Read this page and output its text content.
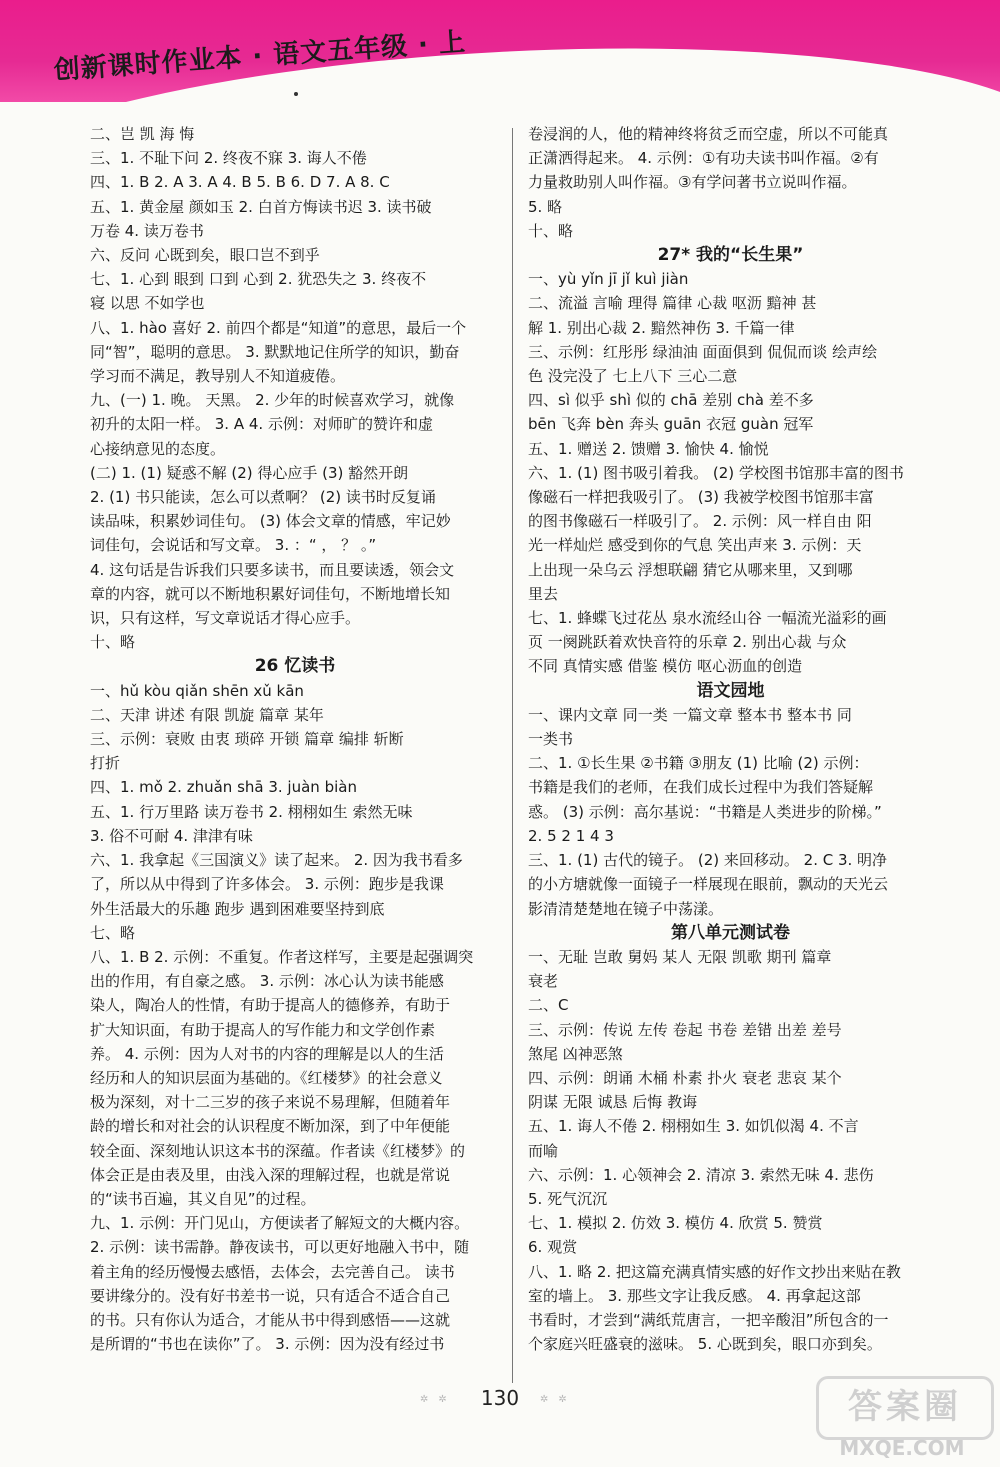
创新课时作业本 · 语文五年级 · 上
二、岂 凯 海 悔
三、1. 不耻下问 2. 终夜不寐 3. 诲人不倦
四、1. B 2. A 3. A 4. B 5. B 6. D 7. A 8. C
五、1. 黄金屋 颜如玉 2. 白首方悔读书迟 3. 读书破
万卷 4. 读万卷书
六、反问 心既到矣，眼口岂不到乎
七、1. 心到 眼到 口到 心到 2. 犹恐失之 3. 终夜不
寝 以思 不如学也
八、1. hào 喜好 2. 前四个都是“知道”的意思，最后一个
同“智”，聪明的意思。 3. 默默地记住所学的知识，勤奋
学习而不满足，教导别人不知道疲倦。
九、(一) 1. 晚。 天黑。 2. 少年的时候喜欢学习，就像
初升的太阳一样。 3. A 4. 示例：对师旷的赞许和虚
心接纳意见的态度。
(二) 1. (1) 疑惑不解 (2) 得心应手 (3) 豁然开朗
2. (1) 书只能读，怎么可以煮啊？ (2) 读书时反复诵
读品味，积累妙词佳句。 (3) 体会文章的情感，牢记妙
词佳句，会说话和写文章。 3. ：“ ， ？ 。”
4. 这句话是告诉我们只要多读书，而且要读透，领会文
章的内容，就可以不断地积累好词佳句，不断地增长知
识，只有这样，写文章说话才得心应手。
十、略
26 忆读书
一、hǔ kòu qiǎn shēn xǔ kān
二、天津 讲述 有限 凯旋 篇章 某年
三、示例：衰败 由衷 琐碎 开锁 篇章 编排 斩断
打折
四、1. mǒ 2. zhuǎn shā 3. juàn biàn
五、1. 行万里路 读万卷书 2. 栩栩如生 索然无味
3. 俗不可耐 4. 津津有味
六、1. 我拿起《三国演义》读了起来。 2. 因为我书看多
了，所以从中得到了许多体会。 3. 示例：跑步是我课
外生活最大的乐趣 跑步 遇到困难要坚持到底
七、略
八、1. B 2. 示例：不重复。作者这样写，主要是起强调突
出的作用，有自豪之感。 3. 示例：冰心认为读书能感
染人，陶冶人的性情，有助于提高人的德修养，有助于
扩大知识面，有助于提高人的写作能力和文学创作素
养。 4. 示例：因为人对书的内容的理解是以人的生活
经历和人的知识层面为基础的。《红楼梦》的社会意义
极为深刻，对十二三岁的孩子来说不易理解，但随着年
龄的增长和对社会的认识程度不断加深，到了中年便能
较全面、深刻地认识这本书的深蕴。作者读《红楼梦》的
体会正是由表及里，由浅入深的理解过程，也就是常说
的“读书百遍，其义自见”的过程。
九、1. 示例：开门见山，方便读者了解短文的大概内容。
2. 示例：读书需静。静夜读书，可以更好地融入书中，随
着主角的经历慢慢去感悟，去体会，去完善自己。 读书
要讲缘分的。没有好书差书一说，只有适合不适合自己
的书。只有你认为适合，才能从书中得到感悟——这就
是所谓的“书也在读你”了。 3. 示例：因为没有经过书
卷浸润的人，他的精神终将贫乏而空虚，所以不可能真
正潇洒得起来。 4. 示例：①有功夫读书叫作福。②有
力量救助别人叫作福。③有学问著书立说叫作福。
5. 略
十、略
27* 我的“长生果”
一、yù yǐn jī jǐ kuì jiàn
二、流溢 言喻 理得 篇律 心裁 呕沥 黯神 甚
解 1. 别出心裁 2. 黯然神伤 3. 千篇一律
三、示例：红彤彤 绿油油 面面俱到 侃侃而谈 绘声绘
色 没完没了 七上八下 三心二意
四、sì 似乎 shì 似的 chā 差别 chà 差不多
bēn 飞奔 bèn 奔头 guān 衣冠 guàn 冠军
五、1. 赠送 2. 馈赠 3. 愉快 4. 愉悦
六、1. (1) 图书吸引着我。 (2) 学校图书馆那丰富的图书
像磁石一样把我吸引了。 (3) 我被学校图书馆那丰富
的图书像磁石一样吸引了。 2. 示例：风一样自由 阳
光一样灿烂 感受到你的气息 笑出声来 3. 示例：天
上出现一朵乌云 浮想联翩 猜它从哪来里，又到哪
里去
七、1. 蜂蝶飞过花丛 泉水流经山谷 一幅流光溢彩的画
页 一阕跳跃着欢快音符的乐章 2. 别出心裁 与众
不同 真情实感 借鉴 模仿 呕心沥血的创造
语文园地
一、课内文章 同一类 一篇文章 整本书 整本书 同
一类书
二、1. ①长生果 ②书籍 ③朋友 (1) 比喻 (2) 示例：
书籍是我们的老师，在我们成长过程中为我们答疑解
惑。 (3) 示例：高尔基说：“书籍是人类进步的阶梯。”
2. 5 2 1 4 3
三、1. (1) 古代的镜子。 (2) 来回移动。 2. C 3. 明净
的小方塘就像一面镜子一样展现在眼前，飘动的天光云
影清清楚楚地在镜子中荡漾。
第八单元测试卷
一、无耻 岂敢 舅妈 某人 无限 凯歌 期刊 篇章
衰老
二、C
三、示例：传说 左传 卷起 书卷 差错 出差 差号
煞尾 凶神恶煞
四、示例：朗诵 木桶 朴素 扑火 衰老 悲哀 某个
阴谋 无限 诚恳 后悔 教诲
五、1. 诲人不倦 2. 栩栩如生 3. 如饥似渴 4. 不言
而喻
六、示例：1. 心领神会 2. 清凉 3. 索然无味 4. 悲伤
5. 死气沉沉
七、1. 模拟 2. 仿效 3. 模仿 4. 欣赏 5. 赞赏
6. 观赏
八、1. 略 2. 把这篇充满真情实感的好作文抄出来贴在教
室的墙上。 3. 那些文字让我反感。 4. 再拿起这部
书看时，才尝到“满纸荒唐言，一把辛酸泪”所包含的一
个家庭兴旺盛衰的滋味。 5. 心既到矣，眼口亦到矣。
✲✲	130	✲✲	答案圈
MXQE.COM
